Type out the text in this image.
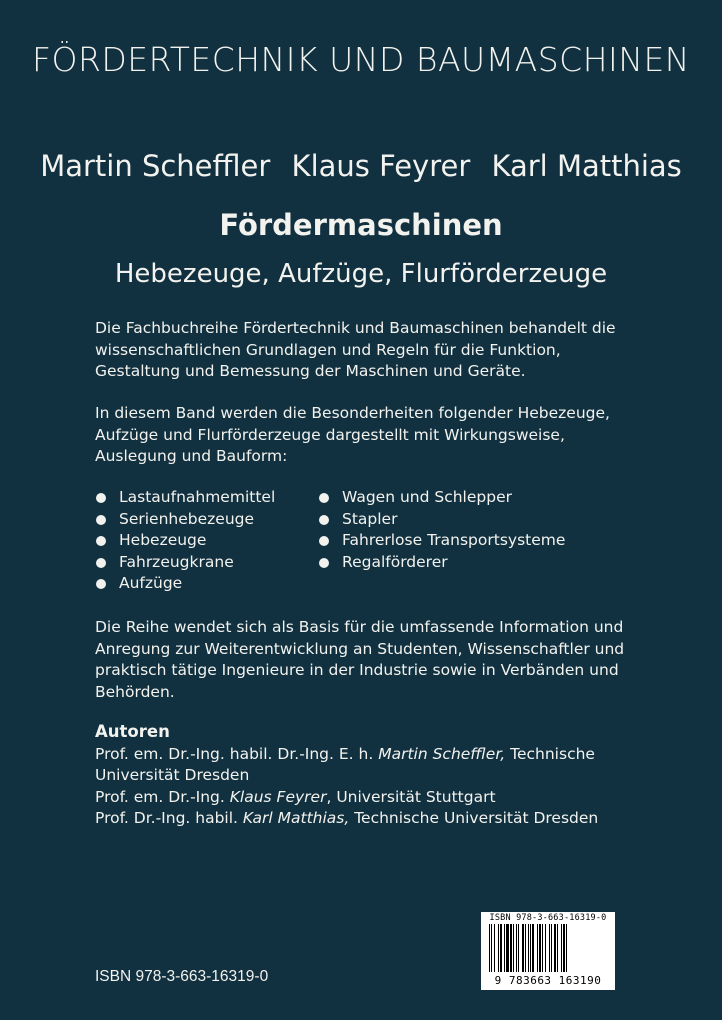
FÖRDERTECHNIK UND BAUMASCHINEN
Martin Scheffler Klaus Feyrer Karl Matthias
Fördermaschinen
Hebezeuge, Aufzüge, Flurförderzeuge

Die Fachbuchreihe Fördertechnik und Baumaschinen behandelt die wissenschaftlichen Grundlagen und Regeln für die Funktion, Gestaltung und Bemessung der Maschinen und Geräte.

In diesem Band werden die Besonderheiten folgender Hebezeuge, Aufzüge und Flurförderzeuge dargestellt mit Wirkungsweise, Auslegung und Bauform:

Lastaufnahmemittel
Serienhebezeuge
Hebezeuge
Fahrzeugkrane
Aufzüge
Wagen und Schlepper
Stapler
Fahrerlose Transportsysteme
Regalförderer

Die Reihe wendet sich als Basis für die umfassende Information und Anregung zur Weiterentwicklung an Studenten, Wissenschaftler und praktisch tätige Ingenieure in der Industrie sowie in Verbänden und Behörden.

Autoren

Prof. em. Dr.-Ing. habil. Dr.-Ing. E. h. Martin Scheffler, Technische Universität Dresden

Prof. em. Dr.-Ing. Klaus Feyrer, Universität Stuttgart

Prof. Dr.-Ing. habil. Karl Matthias, Technische Universität Dresden

ISBN 978-3-663-16319-0
ISBN 978-3-663-16319-0
9 783663 163190
